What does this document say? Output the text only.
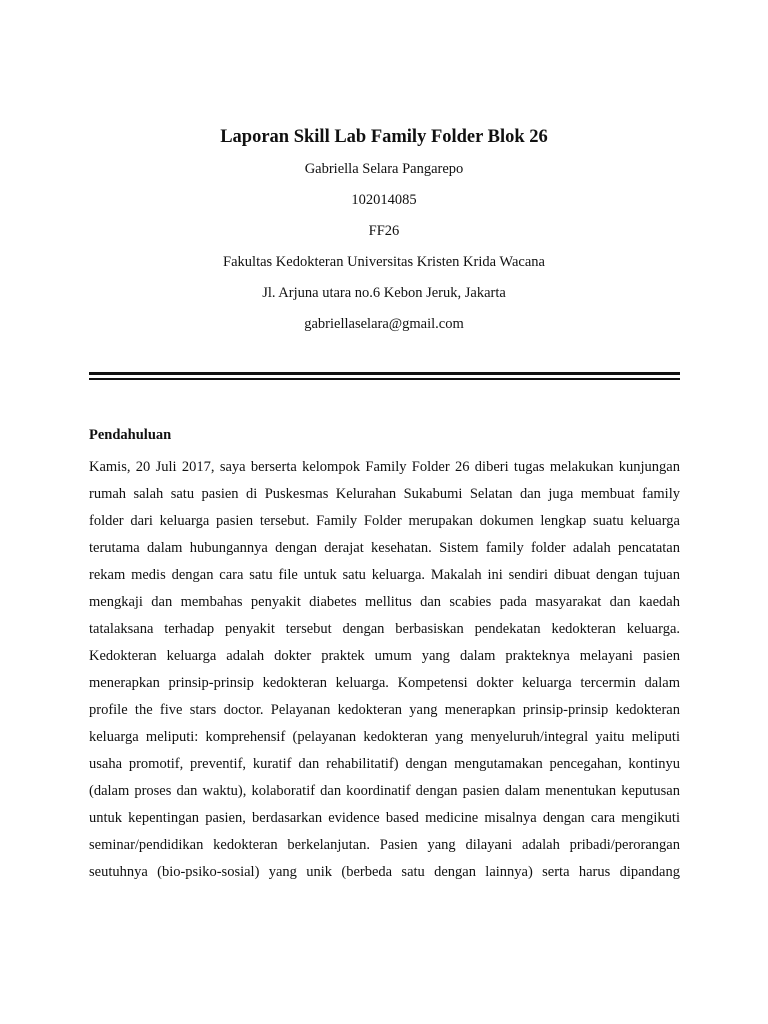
Laporan Skill Lab Family Folder Blok 26
Gabriella Selara Pangarepo
102014085
FF26
Fakultas Kedokteran Universitas Kristen Krida Wacana
Jl. Arjuna utara no.6 Kebon Jeruk, Jakarta
gabriellaselara@gmail.com
Pendahuluan
Kamis, 20 Juli 2017, saya berserta kelompok Family Folder 26 diberi tugas melakukan kunjungan
rumah salah satu pasien di Puskesmas Kelurahan Sukabumi Selatan dan juga membuat family
folder dari keluarga pasien tersebut. Family Folder merupakan dokumen lengkap suatu keluarga
terutama dalam hubungannya dengan derajat kesehatan. Sistem family folder adalah pencatatan
rekam medis dengan cara satu file untuk satu keluarga. Makalah ini sendiri dibuat dengan tujuan
mengkaji dan membahas penyakit diabetes mellitus dan scabies pada masyarakat dan kaedah
tatalaksana terhadap penyakit tersebut dengan berbasiskan pendekatan kedokteran keluarga.
Kedokteran keluarga adalah dokter praktek umum yang dalam prakteknya melayani pasien
menerapkan prinsip-prinsip kedokteran keluarga. Kompetensi dokter keluarga tercermin dalam
profile the five stars doctor. Pelayanan kedokteran yang menerapkan prinsip-prinsip kedokteran
keluarga meliputi: komprehensif (pelayanan kedokteran yang menyeluruh/integral yaitu meliputi
usaha promotif, preventif, kuratif dan rehabilitatif) dengan mengutamakan pencegahan, kontinyu
(dalam proses dan waktu), kolaboratif dan koordinatif dengan pasien dalam menentukan keputusan
untuk kepentingan pasien, berdasarkan evidence based medicine misalnya dengan cara mengikuti
seminar/pendidikan kedokteran berkelanjutan. Pasien yang dilayani adalah pribadi/perorangan
seutuhnya (bio-psiko-sosial) yang unik (berbeda satu dengan lainnya) serta harus dipandang
